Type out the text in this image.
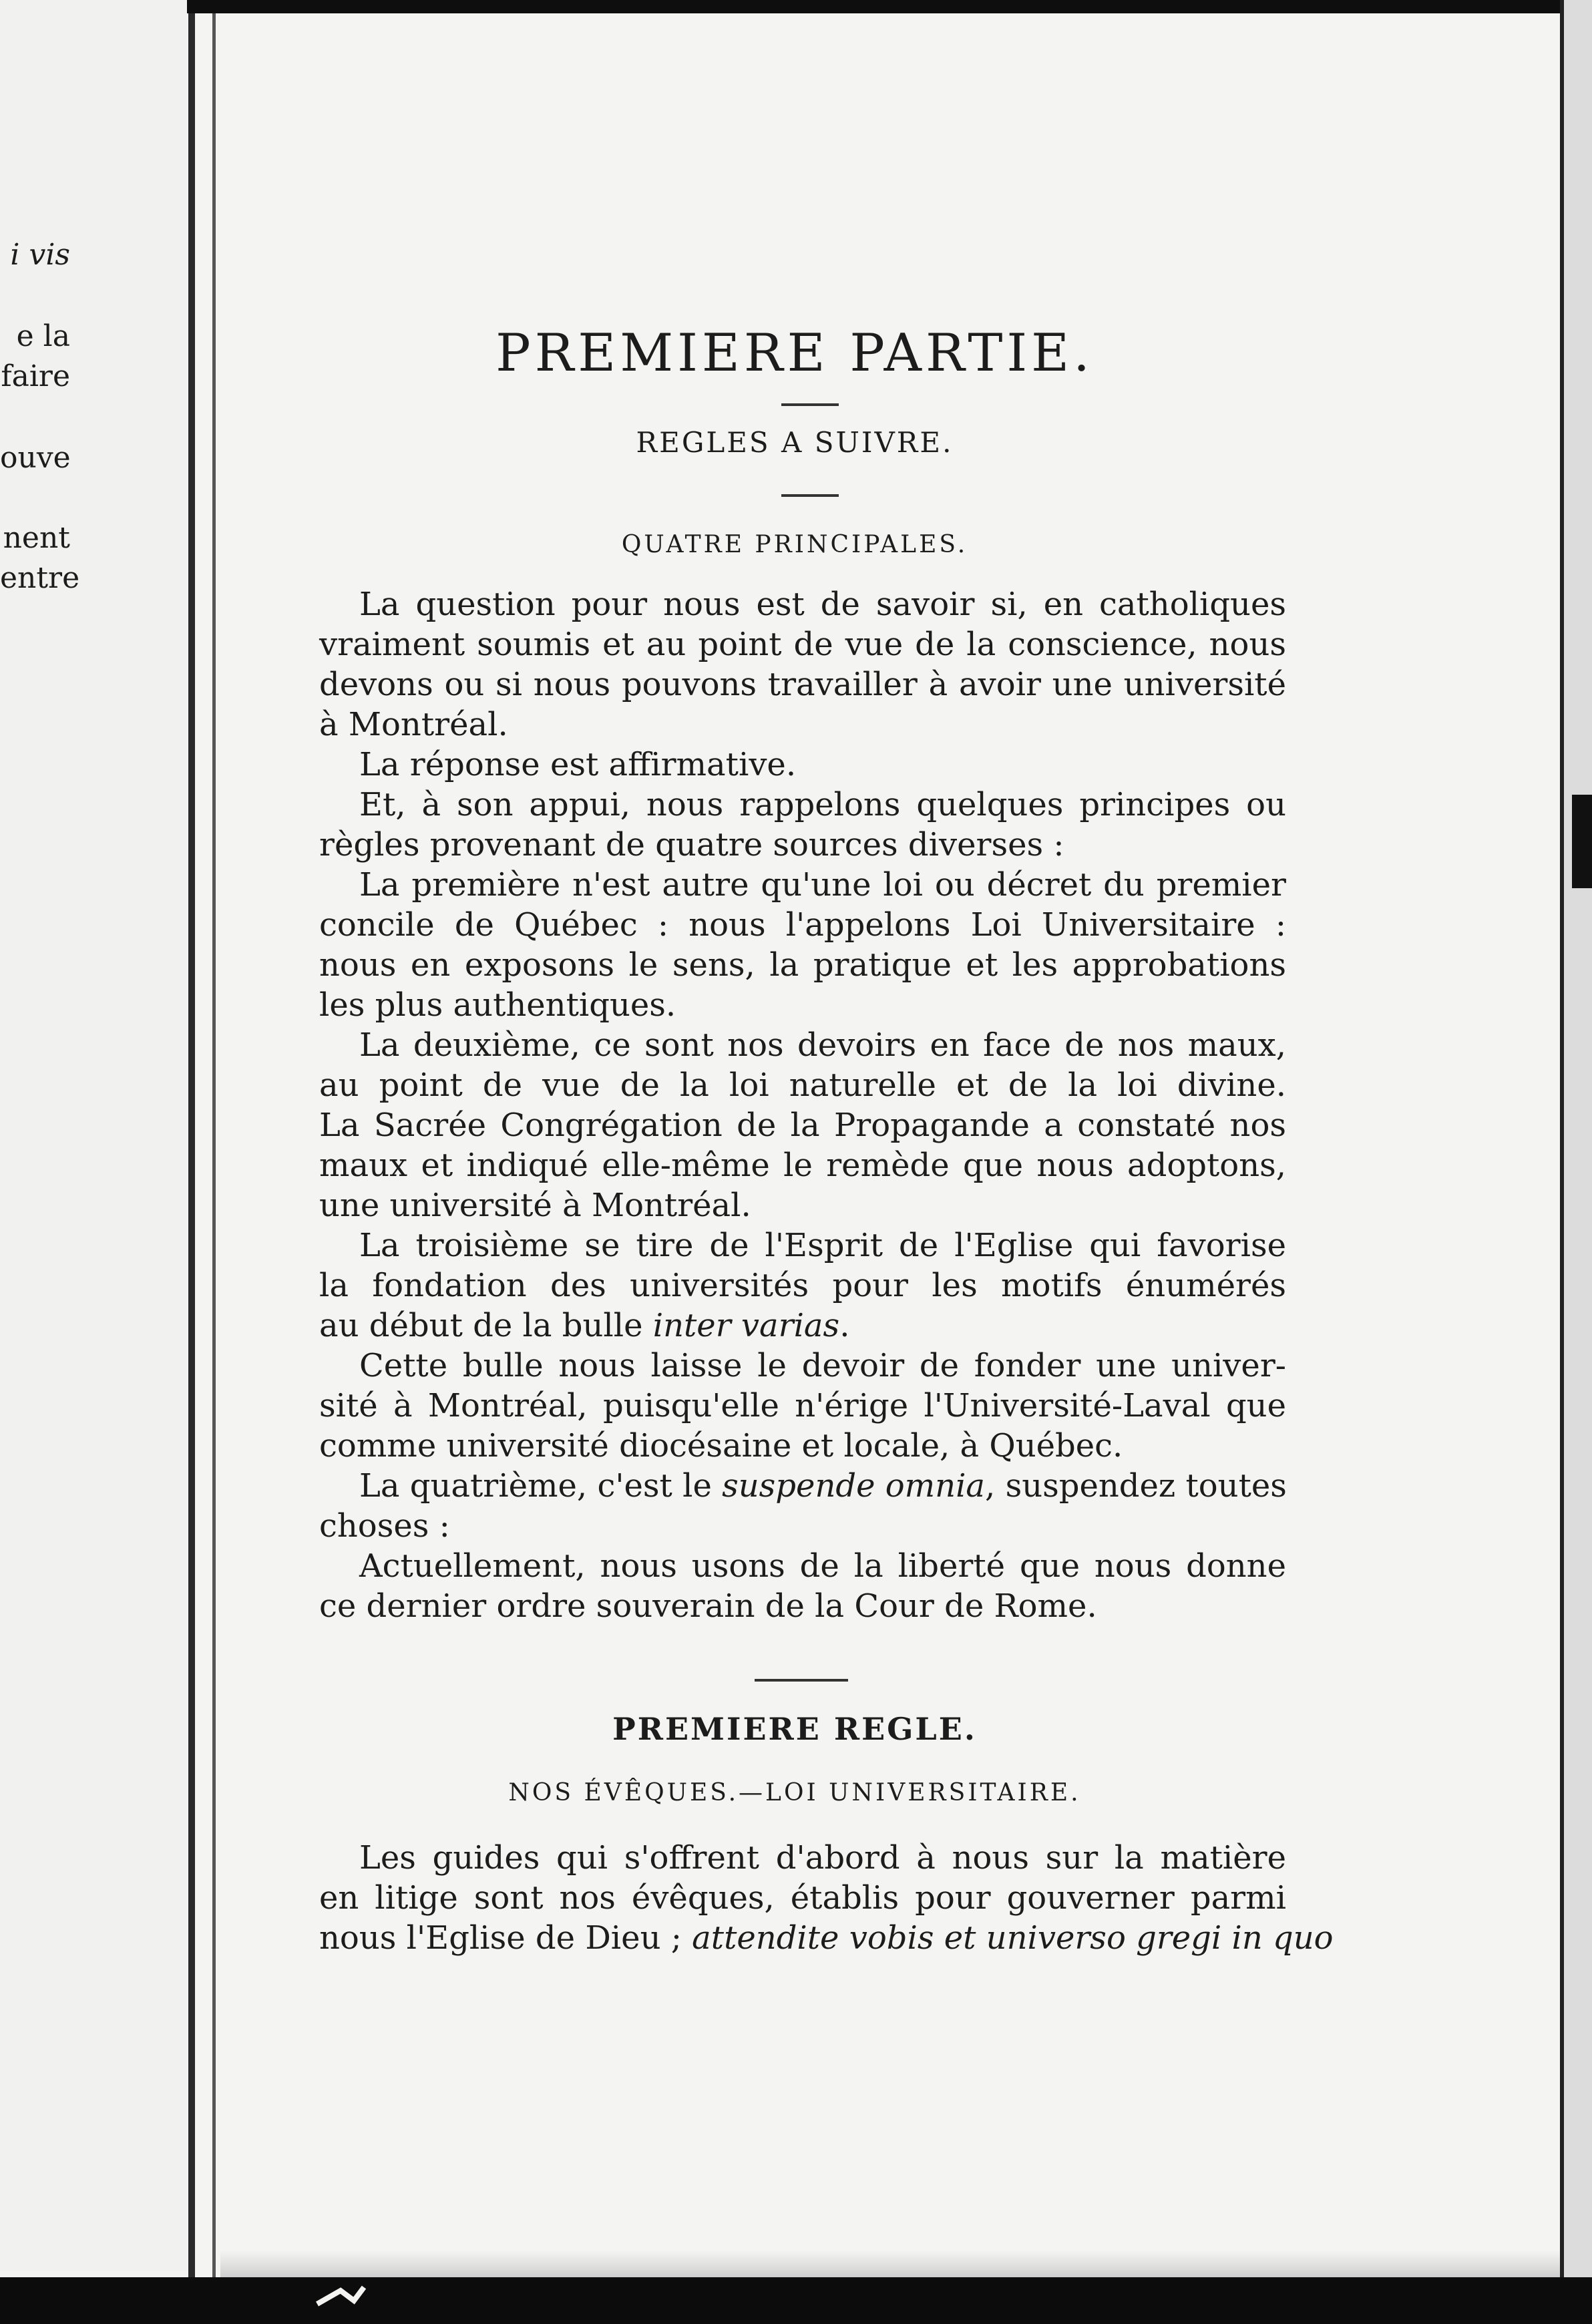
i vis
e la
faire
ouve
nent
entre
PREMIERE PARTIE.
REGLES A SUIVRE.
QUATRE PRINCIPALES.
La question pour nous est de savoir si, en catholiques
vraiment soumis et au point de vue de la conscience, nous
devons ou si nous pouvons travailler à avoir une université
à Montréal.
La réponse est affirmative.
Et, à son appui, nous rappelons quelques principes ou
règles provenant de quatre sources diverses :
La première n'est autre qu'une loi ou décret du premier
concile de Québec : nous l'appelons Loi Universitaire :
nous en exposons le sens, la pratique et les approbations
les plus authentiques.
La deuxième, ce sont nos devoirs en face de nos maux,
au point de vue de la loi naturelle et de la loi divine.
La Sacrée Congrégation de la Propagande a constaté nos
maux et indiqué elle-même le remède que nous adoptons,
une université à Montréal.
La troisième se tire de l'Esprit de l'Eglise qui favorise
la fondation des universités pour les motifs énumérés
au début de la bulle inter varias.
Cette bulle nous laisse le devoir de fonder une univer-
sité à Montréal, puisqu'elle n'érige l'Université-Laval que
comme université diocésaine et locale, à Québec.
La quatrième, c'est le suspende omnia, suspendez toutes
choses :
Actuellement, nous usons de la liberté que nous donne
ce dernier ordre souverain de la Cour de Rome.
PREMIERE REGLE.
NOS ÉVÊQUES.—LOI UNIVERSITAIRE.
Les guides qui s'offrent d'abord à nous sur la matière
en litige sont nos évêques, établis pour gouverner parmi
nous l'Eglise de Dieu ; attendite vobis et universo gregi in quo
